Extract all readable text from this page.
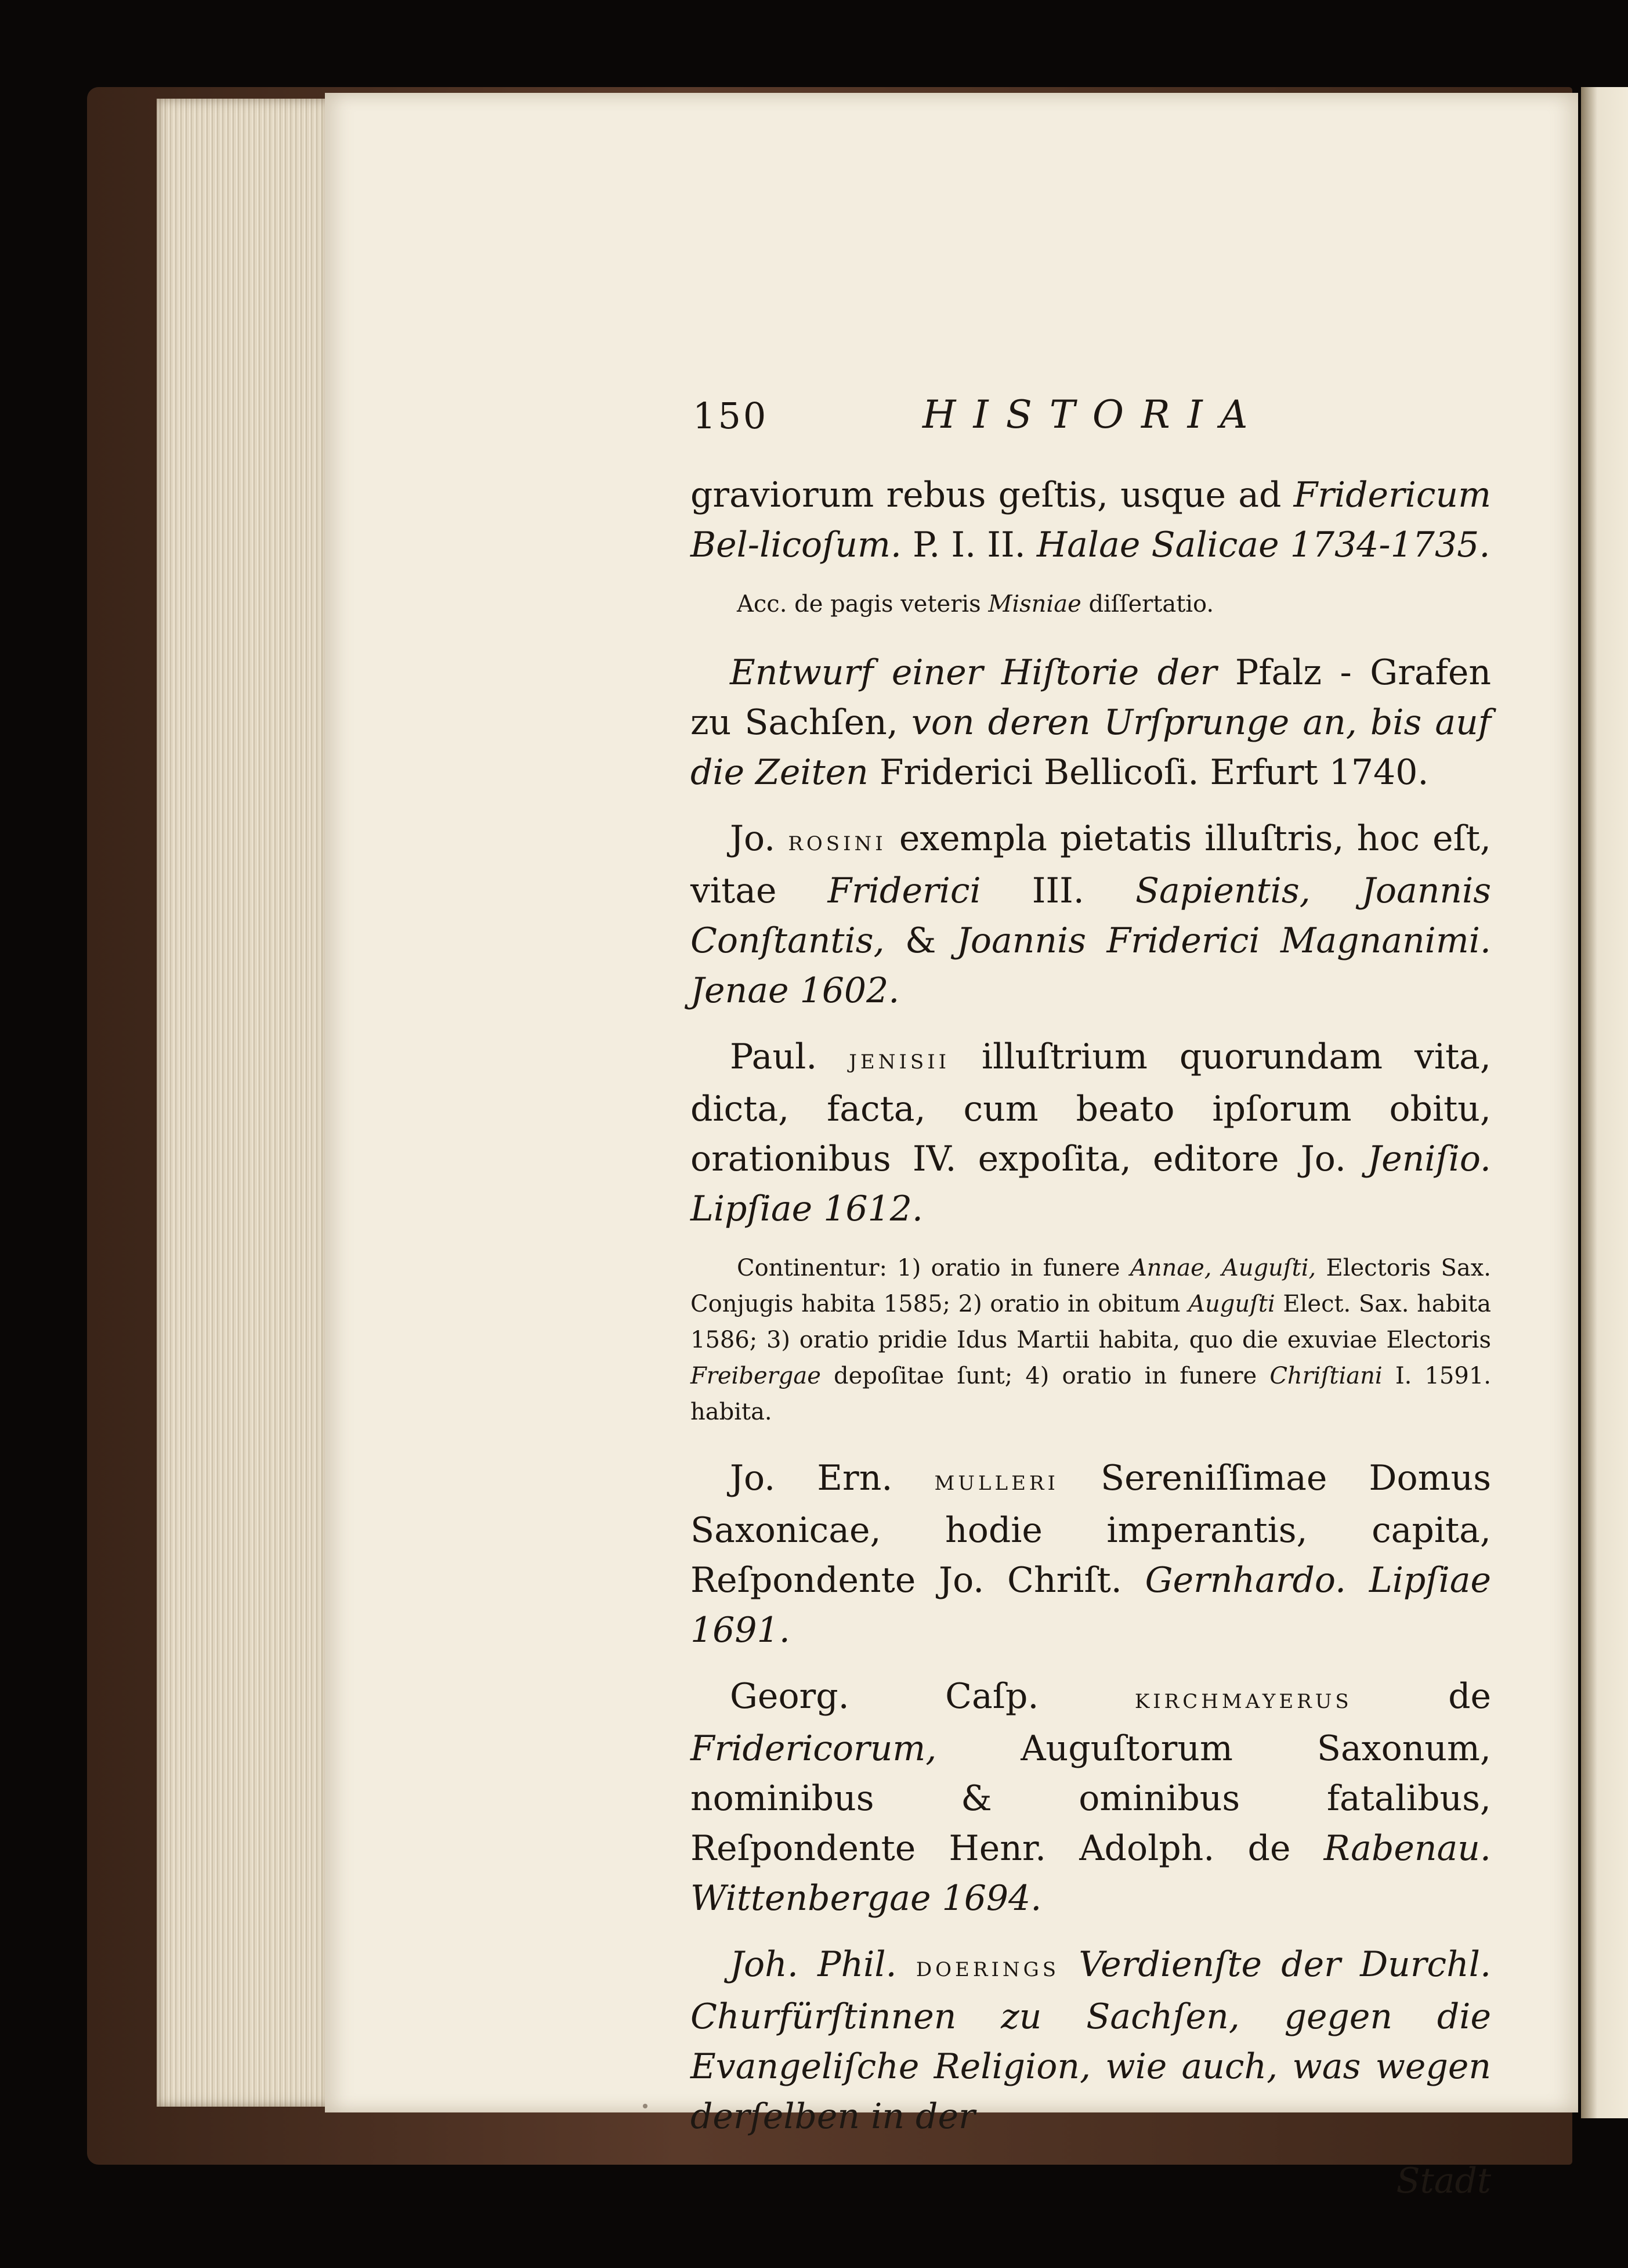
150	HISTORIA

graviorum rebus geſtis, usque ad Fridericum Bel-licoſum. P. I. II. Halae Salicae 1734-1735.

Acc. de pagis veteris Misniae diſſertatio.

Entwurf einer Hiſtorie der Pfalz - Grafen zu Sachſen, von deren Urſprunge an, bis auf die Zeiten Friderici Bellicoſi. Erfurt 1740.

Jo. rosini exempla pietatis illuſtris, hoc eſt, vitae Friderici III. Sapientis, Joannis Conſtantis, & Joannis Friderici Magnanimi. Jenae 1602.

Paul. jenisii illuſtrium quorundam vita, dicta, facta, cum beato ipſorum obitu, orationibus IV. expoſita, editore Jo. Jeniſio. Lipſiae 1612.

Continentur: 1) oratio in funere Annae, Auguſti, Electoris Sax. Conjugis habita 1585; 2) oratio in obitum Auguſti Elect. Sax. habita 1586; 3) oratio pridie Idus Martii habita, quo die exuviae Electoris Freibergae depoſitae ſunt; 4) oratio in funere Chriſtiani I. 1591. habita.

Jo. Ern. mulleri Sereniſſimae Domus Saxonicae, hodie imperantis, capita, Reſpondente Jo. Chriſt. Gernhardo. Lipſiae 1691.

Georg. Caſp. kirchmayerus de Fridericorum, Auguſtorum Saxonum, nominibus & ominibus fatalibus, Reſpondente Henr. Adolph. de Rabenau. Wittenbergae 1694.

Joh. Phil. doerings Verdienſte der Durchl. Churfürſtinnen zu Sachſen, gegen die Evangeliſche Religion, wie auch, was wegen derſelben in der

Stadt
